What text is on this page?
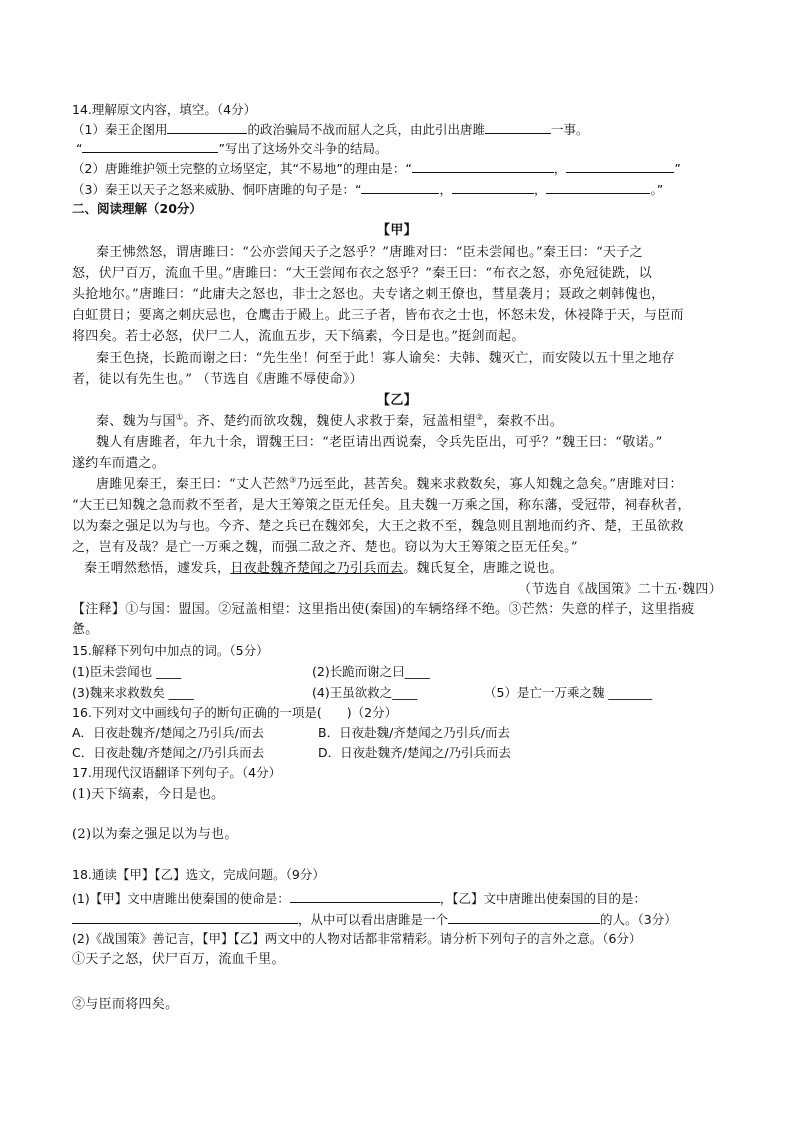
14.理解原文内容，填空。（4分）
（1）秦王企图用	的政治骗局不战而屈人之兵，由此引出唐雎	一事。
“	”写出了这场外交斗争的结局。
（2）唐雎维护领土完整的立场坚定，其“不易地”的理由是：“	，	”
（3）秦王以天子之怒来威胁、恫吓唐雎的句子是：“	，	，	。”
二、阅读理解（20分）
【甲】
秦王怫然怒，谓唐雎曰：“公亦尝闻天子之怒乎？”唐雎对曰：“臣未尝闻也。”秦王曰：“天子之
怒，伏尸百万，流血千里。”唐雎曰：“大王尝闻布衣之怒乎？”秦王曰：“布衣之怒，亦免冠徒跣，以
头抢地尔。”唐雎曰：“此庸夫之怒也，非士之怒也。夫专诸之刺王僚也，彗星袭月；聂政之刺韩傀也，
白虹贯日；要离之刺庆忌也，仓鹰击于殿上。此三子者，皆布衣之士也，怀怒未发，休祲降于天，与臣而
将四矣。若士必怒，伏尸二人，流血五步，天下缟素，今日是也。”挺剑而起。
秦王色挠，长跪而谢之曰：“先生坐！何至于此！寡人谕矣：夫韩、魏灭亡，而安陵以五十里之地存
者，徒以有先生也。” （节选自《唐雎不辱使命》）
【乙】
秦、魏为与国①。齐、楚约而欲攻魏，魏使人求救于秦，冠盖相望②，秦救不出。
魏人有唐雎者，年九十余，谓魏王曰：“老臣请出西说秦，令兵先臣出，可乎？”魏王曰：“敬诺。”
遂约车而遣之。
唐雎见秦王，秦王曰：“丈人芒然③乃远至此，甚苦矣。魏来求救数矣，寡人知魏之急矣。”唐雎对曰：
“大王已知魏之急而救不至者，是大王筹策之臣无任矣。且夫魏一万乘之国，称东藩，受冠带，祠春秋者，
以为秦之强足以为与也。今齐、楚之兵已在魏郊矣，大王之救不至，魏急则且割地而约齐、楚，王虽欲救
之，岂有及哉？是亡一万乘之魏，而强二敌之齐、楚也。窃以为大王筹策之臣无任矣。”
秦王喟然愁悟，遽发兵，日夜赴魏齐楚闻之乃引兵而去。魏氏复全，唐雎之说也。
（节选自《战国策》二十五·魏四）
【注释】①与国：盟国。②冠盖相望：这里指出使(秦国)的车辆络绎不绝。③芒然：失意的样子，这里指疲
惫。
15.解释下列句中加点的词。（5分）
(1)臣未尝闻也 ____	(2)长跪而谢之曰____
(3)魏来求救数矣 ____	(4)王虽欲救之____	（5）是亡一万乘之魏 _______
16.下列对文中画线句子的断句正确的一项是(　　)（2分）
A．日夜赴魏齐/楚闻之乃引兵/而去	B．日夜赴魏/齐楚闻之乃引兵/而去
C．日夜赴魏/齐楚闻之/乃引兵而去	D．日夜赴魏齐/楚闻之/乃引兵而去
17.用现代汉语翻译下列句子。（4分）
(1)天下缟素，今日是也。
(2)以为秦之强足以为与也。
18.通读【甲】【乙】选文，完成问题。（9分）
(1)【甲】文中唐雎出使秦国的使命是：	，【乙】文中唐雎出使秦国的目的是：
，从中可以看出唐雎是一个	的人。（3分）
(2)《战国策》善记言，【甲】【乙】两文中的人物对话都非常精彩。请分析下列句子的言外之意。（6分）
①天子之怒，伏尸百万，流血千里。
②与臣而将四矣。
